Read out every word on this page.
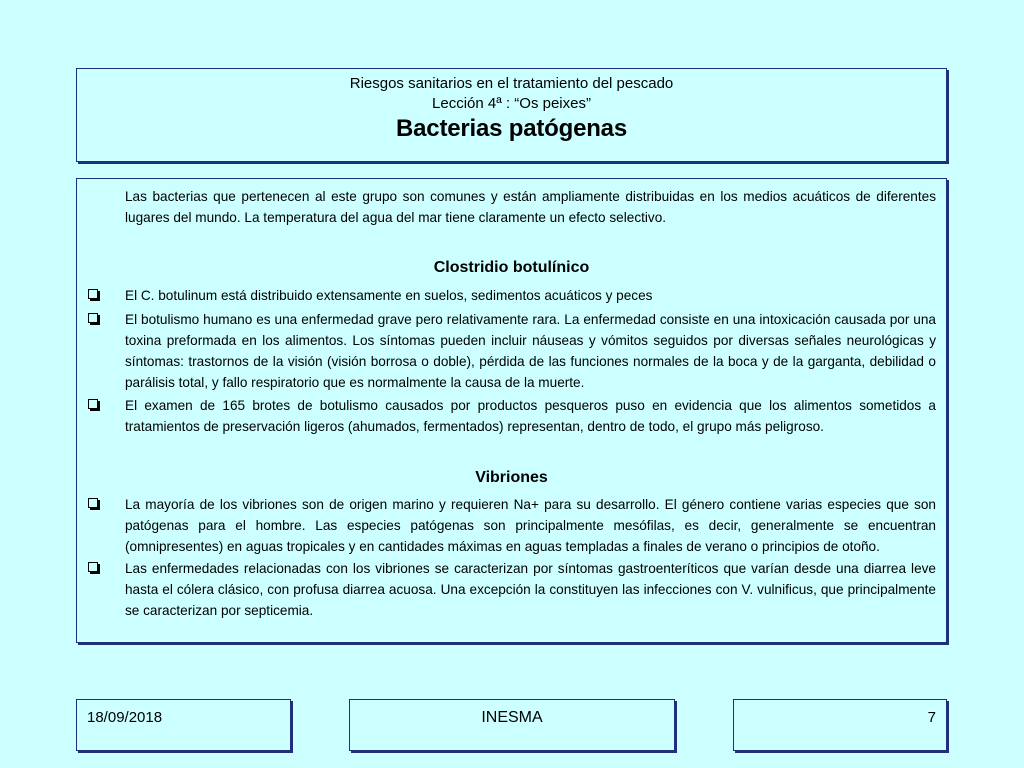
Riesgos sanitarios en el tratamiento del pescado
Lección 4ª : “Os peixes”
Bacterias patógenas
Las bacterias que pertenecen al este grupo son comunes y están ampliamente distribuidas en los medios acuáticos de diferentes lugares del mundo. La temperatura del agua del mar tiene claramente un efecto selectivo.
Clostridio botulínico
El C. botulinum está distribuido extensamente en suelos, sedimentos acuáticos y peces
El botulismo humano es una enfermedad grave pero relativamente rara. La enfermedad consiste en una intoxicación causada por una toxina preformada en los alimentos. Los síntomas pueden incluir náuseas y vómitos seguidos por diversas señales neurológicas y síntomas: trastornos de la visión (visión borrosa o doble), pérdida de las funciones normales de la boca y de la garganta, debilidad o parálisis total, y fallo respiratorio que es normalmente la causa de la muerte.
El examen de 165 brotes de botulismo causados por productos pesqueros puso en evidencia que los alimentos sometidos a tratamientos de preservación ligeros (ahumados, fermentados) representan, dentro de todo, el grupo más peligroso.
Vibriones
La mayoría de los vibriones son de origen marino y requieren Na+ para su desarrollo. El género contiene varias especies que son patógenas para el hombre. Las especies patógenas son principalmente mesófilas, es decir, generalmente se encuentran (omnipresentes) en aguas tropicales y en cantidades máximas en aguas templadas a finales de verano o principios de otoño.
Las enfermedades relacionadas con los vibriones se caracterizan por síntomas gastroenteríticos que varían desde una diarrea leve hasta el cólera clásico, con profusa diarrea acuosa. Una excepción la constituyen las infecciones con V. vulnificus, que principalmente se caracterizan por septicemia.
18/09/2018	INESMA	7
